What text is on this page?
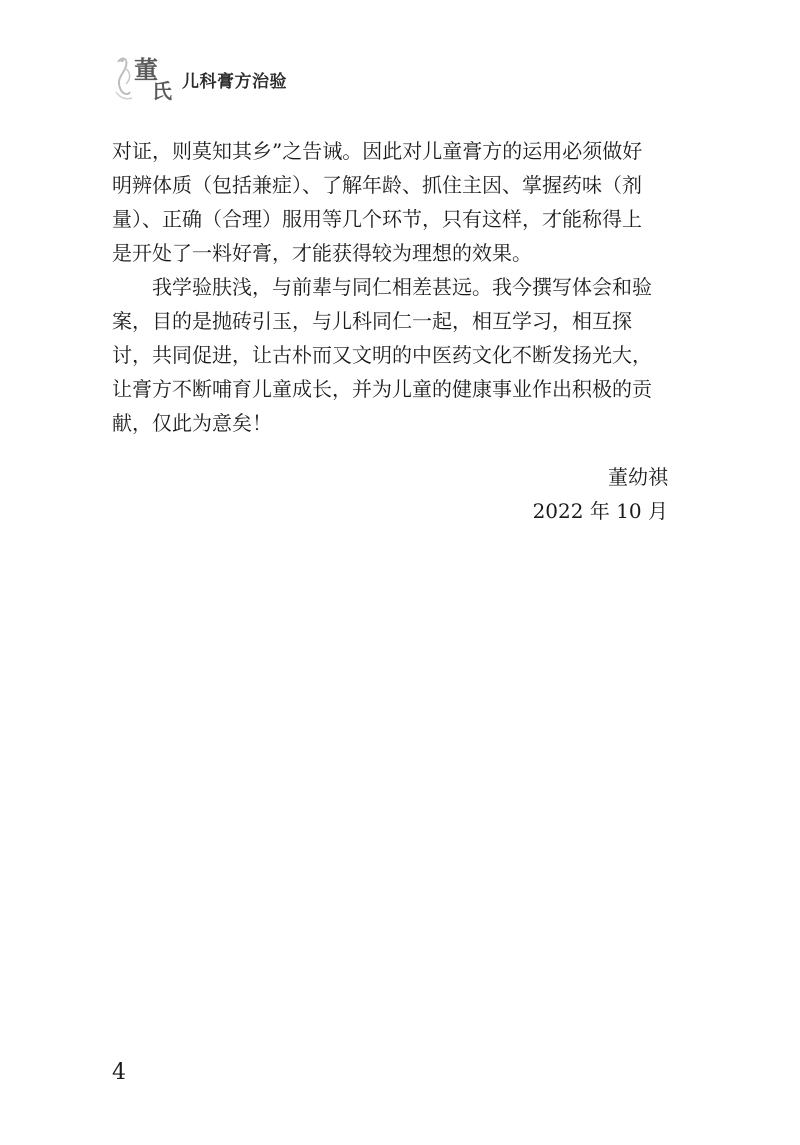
董
氏 儿科膏方治验
对证，则莫知其乡”之告诫。因此对儿童膏方的运用必须做好
明辨体质（包括兼症）、了解年龄、抓住主因、掌握药味（剂
量）、正确（合理）服用等几个环节，只有这样，才能称得上
是开处了一料好膏，才能获得较为理想的效果。
我学验肤浅，与前辈与同仁相差甚远。我今撰写体会和验
案，目的是抛砖引玉，与儿科同仁一起，相互学习，相互探
讨，共同促进，让古朴而又文明的中医药文化不断发扬光大，
让膏方不断哺育儿童成长，并为儿童的健康事业作出积极的贡
献，仅此为意矣！
董幼祺
2022 年 10 月
4
